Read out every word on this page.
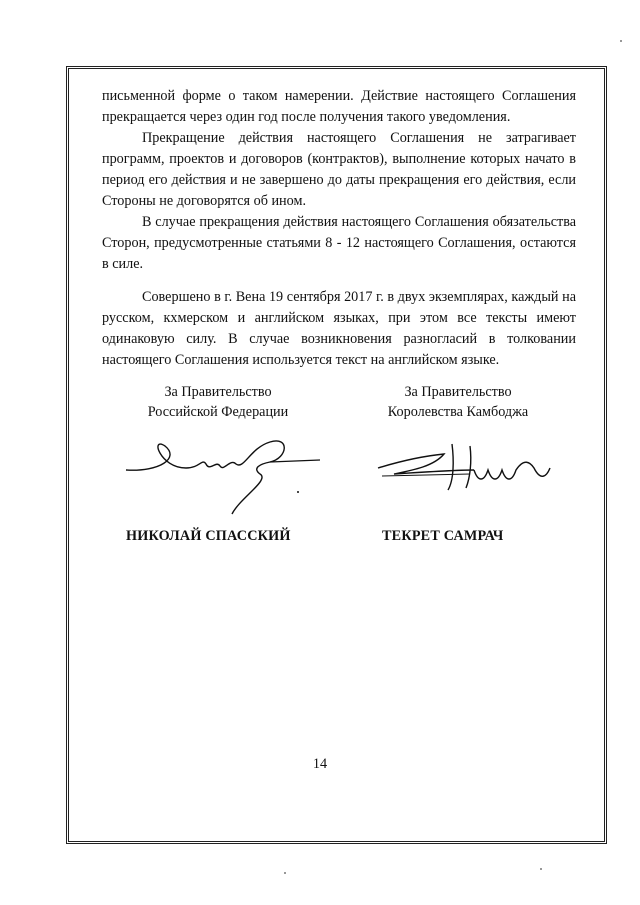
письменной форме о таком намерении. Действие настоящего Соглашения прекращается через один год после получения такого уведомления.

Прекращение действия настоящего Соглашения не затрагивает программ, проектов и договоров (контрактов), выполнение которых начато в период его действия и не завершено до даты прекращения его действия, если Стороны не договорятся об ином.

В случае прекращения действия настоящего Соглашения обязательства Сторон, предусмотренные статьями 8 - 12 настоящего Соглашения, остаются в силе.

Совершено в г. Вена 19 сентября 2017 г. в двух экземплярах, каждый на русском, кхмерском и английском языках, при этом все тексты имеют одинаковую силу. В случае возникновения разногласий в толковании настоящего Соглашения используется текст на английском языке.

За Правительство
Российской Федерации
За Правительство
Королевства Камбоджа
НИКОЛАЙ СПАССКИЙ	ТЕКРЕТ САМРАЧ
14
